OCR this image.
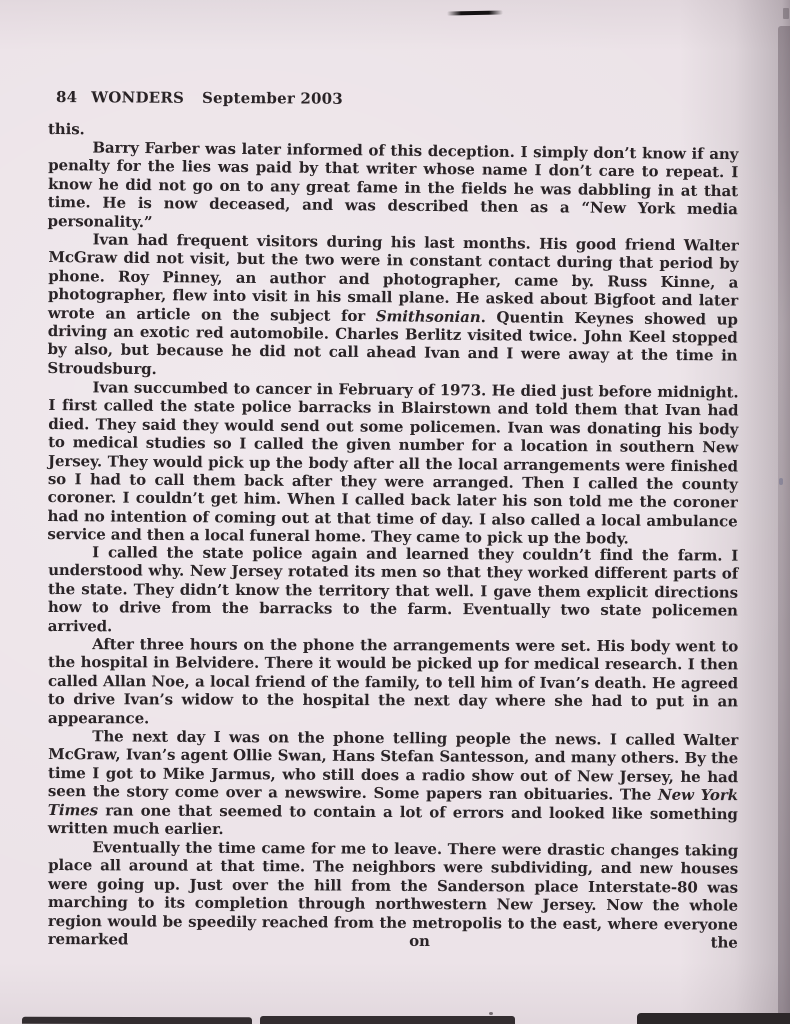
84 WONDERS September 2003

this.

Barry Farber was later informed of this deception. I simply don’t know if any penalty for the lies was paid by that writer whose name I don’t care to repeat. I know he did not go on to any great fame in the fields he was dabbling in at that time. He is now deceased, and was described then as a “New York media personality.”

Ivan had frequent visitors during his last months. His good friend Walter McGraw did not visit, but the two were in constant contact during that period by phone. Roy Pinney, an author and photographer, came by. Russ Kinne, a photographer, flew into visit in his small plane. He asked about Bigfoot and later wrote an article on the subject for Smithsonian. Quentin Keynes showed up driving an exotic red automobile. Charles Berlitz visited twice. John Keel stopped by also, but because he did not call ahead Ivan and I were away at the time in Stroudsburg.

Ivan succumbed to cancer in February of 1973. He died just before midnight. I first called the state police barracks in Blairstown and told them that Ivan had died. They said they would send out some policemen. Ivan was donating his body to medical studies so I called the given number for a location in southern New Jersey. They would pick up the body after all the local arrangements were finished so I had to call them back after they were arranged. Then I called the county coroner. I couldn’t get him. When I called back later his son told me the coroner had no intention of coming out at that time of day. I also called a local ambulance service and then a local funeral home. They came to pick up the body.

I called the state police again and learned they couldn’t find the farm. I understood why. New Jersey rotated its men so that they worked different parts of the state. They didn’t know the territory that well. I gave them explicit directions how to drive from the barracks to the farm. Eventually two state policemen arrived.

After three hours on the phone the arrangements were set. His body went to the hospital in Belvidere. There it would be picked up for medical research. I then called Allan Noe, a local friend of the family, to tell him of Ivan’s death. He agreed to drive Ivan’s widow to the hospital the next day where she had to put in an appearance.

The next day I was on the phone telling people the news. I called Walter McGraw, Ivan’s agent Ollie Swan, Hans Stefan Santesson, and many others. By the time I got to Mike Jarmus, who still does a radio show out of New Jersey, he had seen the story come over a newswire. Some papers ran obituaries. The New York Times ran one that seemed to contain a lot of errors and looked like something written much earlier.

Eventually the time came for me to leave. There were drastic changes taking place all around at that time. The neighbors were subdividing, and new houses were going up. Just over the hill from the Sanderson place Interstate-80 was marching to its completion through northwestern New Jersey. Now the whole region would be speedily reached from the metropolis to the east, where everyone remarked on the
